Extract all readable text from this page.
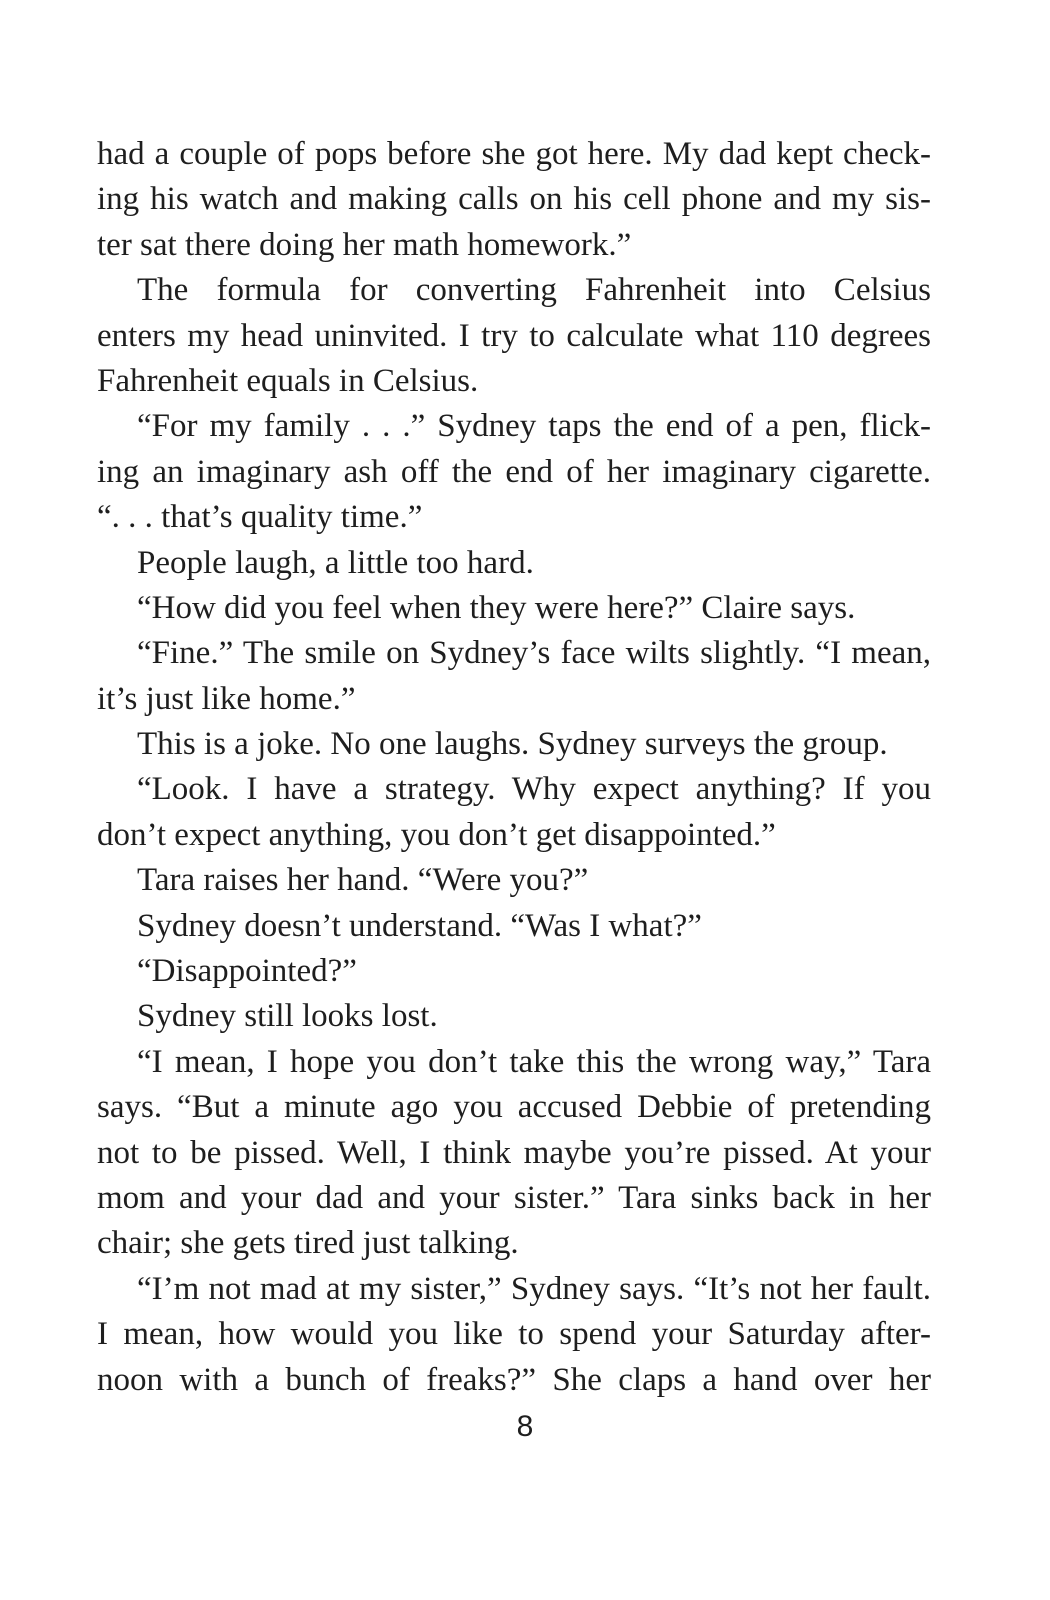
had a couple of pops before she got here. My dad kept check-
ing his watch and making calls on his cell phone and my sis-
ter sat there doing her math homework.”
The formula for converting Fahrenheit into Celsius
enters my head uninvited. I try to calculate what 110 degrees
Fahrenheit equals in Celsius.
“For my family . . .” Sydney taps the end of a pen, flick-
ing an imaginary ash off the end of her imaginary cigarette.
“. . . that’s quality time.”
People laugh, a little too hard.
“How did you feel when they were here?” Claire says.
“Fine.” The smile on Sydney’s face wilts slightly. “I mean,
it’s just like home.”
This is a joke. No one laughs. Sydney surveys the group.
“Look. I have a strategy. Why expect anything? If you
don’t expect anything, you don’t get disappointed.”
Tara raises her hand. “Were you?”
Sydney doesn’t understand. “Was I what?”
“Disappointed?”
Sydney still looks lost.
“I mean, I hope you don’t take this the wrong way,” Tara
says. “But a minute ago you accused Debbie of pretending
not to be pissed. Well, I think maybe you’re pissed. At your
mom and your dad and your sister.” Tara sinks back in her
chair; she gets tired just talking.
“I’m not mad at my sister,” Sydney says. “It’s not her fault.
I mean, how would you like to spend your Saturday after-
noon with a bunch of freaks?” She claps a hand over her
8
